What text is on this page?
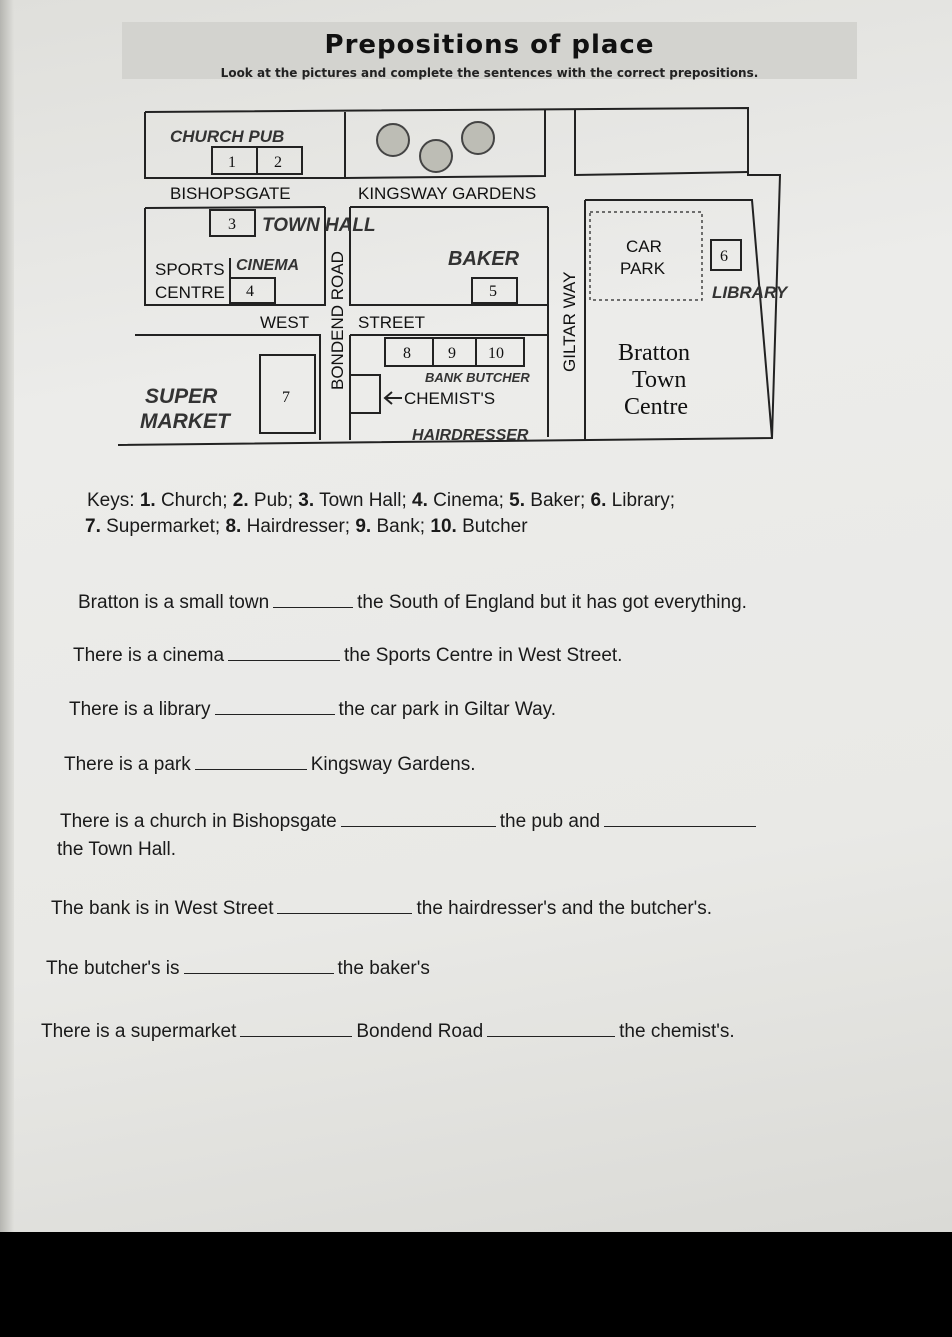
Prepositions of place
Look at the pictures and complete the sentences with the correct prepositions.
1 2
CHURCH PUB
BISHOPSGATE	KINGSWAY GARDENS
3 TOWN HALL
SPORTS
CENTRE 4
CINEMA	BAKER
5
CAR
PARK
6
LIBRARY
WEST	STREET
BONDEND ROAD	GILTAR WAY
8 9 10
BANK BUTCHER
CHEMIST'S
HAIRDRESSER
7
SUPER
MARKET
Bratton
Town
Centre
Keys: 1. Church; 2. Pub; 3. Town Hall; 4. Cinema; 5. Baker; 6. Library;
7. Supermarket; 8. Hairdresser; 9. Bank; 10. Butcher
Bratton is a small town	the South of England but it has got everything.
There is a cinema	the Sports Centre in West Street.
There is a library	the car park in Giltar Way.
There is a park	Kingsway Gardens.
There is a church in Bishopsgate	the pub and
the Town Hall.
The bank is in West Street	the hairdresser's and the butcher's.
The butcher's is	the baker's
There is a supermarket	Bondend Road	the chemist's.
